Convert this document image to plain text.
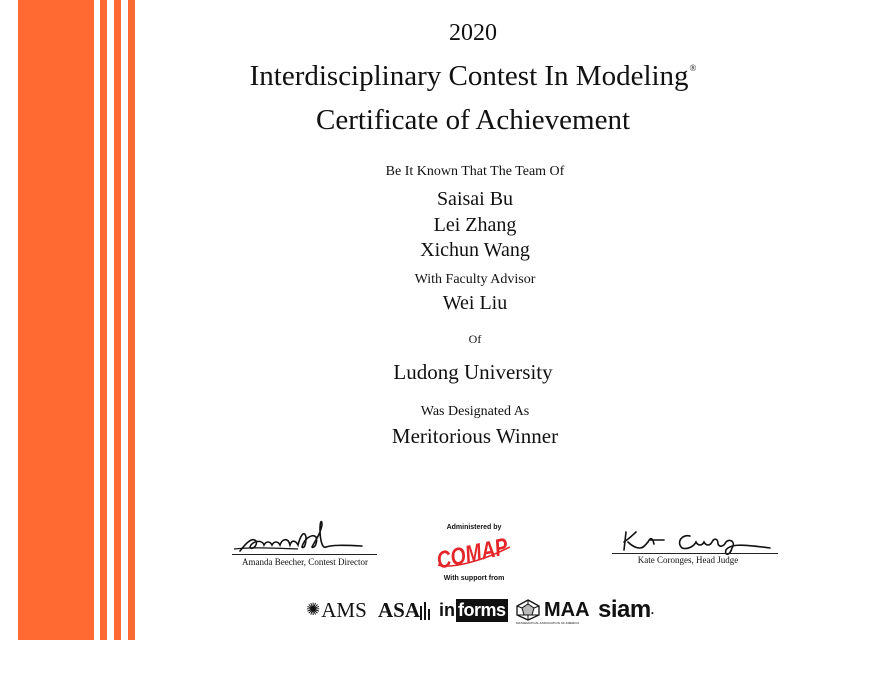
2020
Interdisciplinary Contest In Modeling®
Certificate of Achievement
Be It Known That The Team Of
Saisai Bu
Lei Zhang
Xichun Wang
With Faculty Advisor
Wei Liu
Of
Ludong University
Was Designated As
Meritorious Winner
Amanda Beecher, Contest Director	Kate Coronges, Head Judge
Administered by
COMAP
With support from
✺ AMS ASA in forms MAA
MATHEMATICAL ASSOCIATION OF AMERICA siam .
